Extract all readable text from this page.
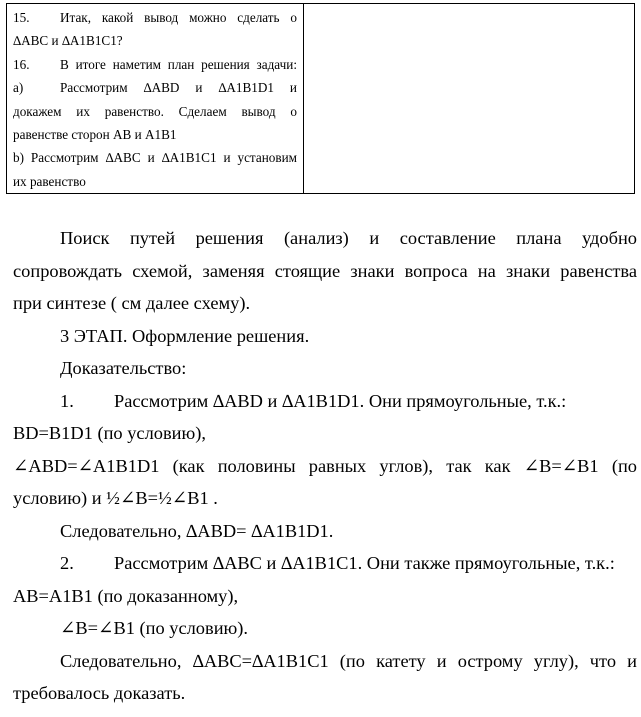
15. Итак, какой вывод можно сделать о
∆ABC и ∆A1B1C1?
16. В итоге наметим план решения задачи:
a)	Рассмотрим ∆ABD и ∆A1B1D1 и
докажем их равенство. Сделаем вывод о
равенстве сторон AB и A1B1
b) Рассмотрим ∆ABC и ∆A1B1C1 и установим
их равенство

Поиск путей решения (анализ) и составление плана удобно
сопровождать схемой, заменяя стоящие знаки вопроса на знаки равенства
при синтезе ( см далее схему).
3 ЭТАП. Оформление решения.
Доказательство:
1. Рассмотрим ∆ABD и ∆A1B1D1. Они прямоугольные, т.к.:
BD=B1D1 (по условию),
∠ABD=∠A1B1D1 (как половины равных углов), так как ∠B=∠B1 (по
условию) и ½∠B=½∠B1 .
Следовательно, ∆ABD= ∆A1B1D1.
2. Рассмотрим ∆ABC и ∆A1B1C1. Они также прямоугольные, т.к.:
AB=A1B1 (по доказанному),
∠B=∠B1 (по условию).
Следовательно, ∆ABC=∆A1B1C1 (по катету и острому углу), что и
требовалось доказать.
